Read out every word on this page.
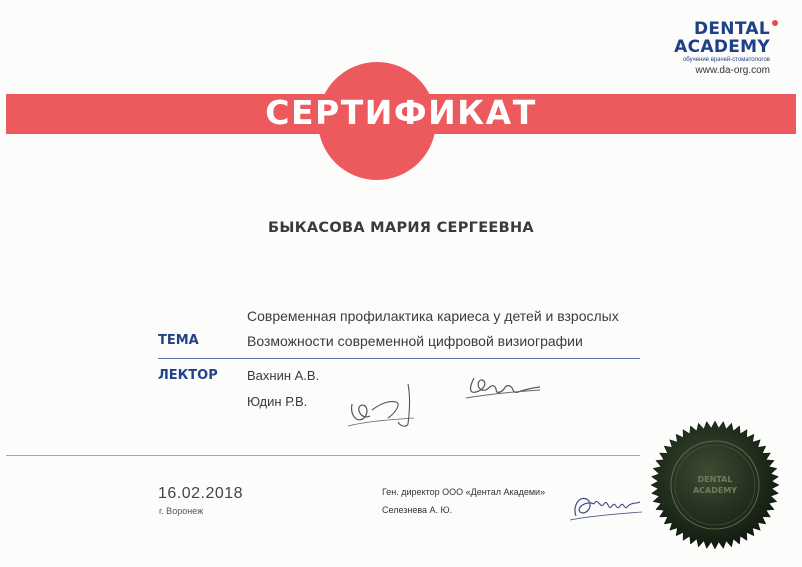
DENTAL
ACADEMY
обучение врачей-стоматологов
www.da-org.com
СЕРТИФИКАТ
БЫКАСОВА МАРИЯ СЕРГЕЕВНА
Современная профилактика кариеса у детей и взрослых
ТЕМА	Возможности современной цифровой визиографии
ЛЕКТОР Вахнин А.В.
Юдин Р.В.
16.02.2018
г. Воронеж
Ген. директор ООО «Дентал Академи»
Селезнева А. Ю.
DENTAL
ACADEMY
